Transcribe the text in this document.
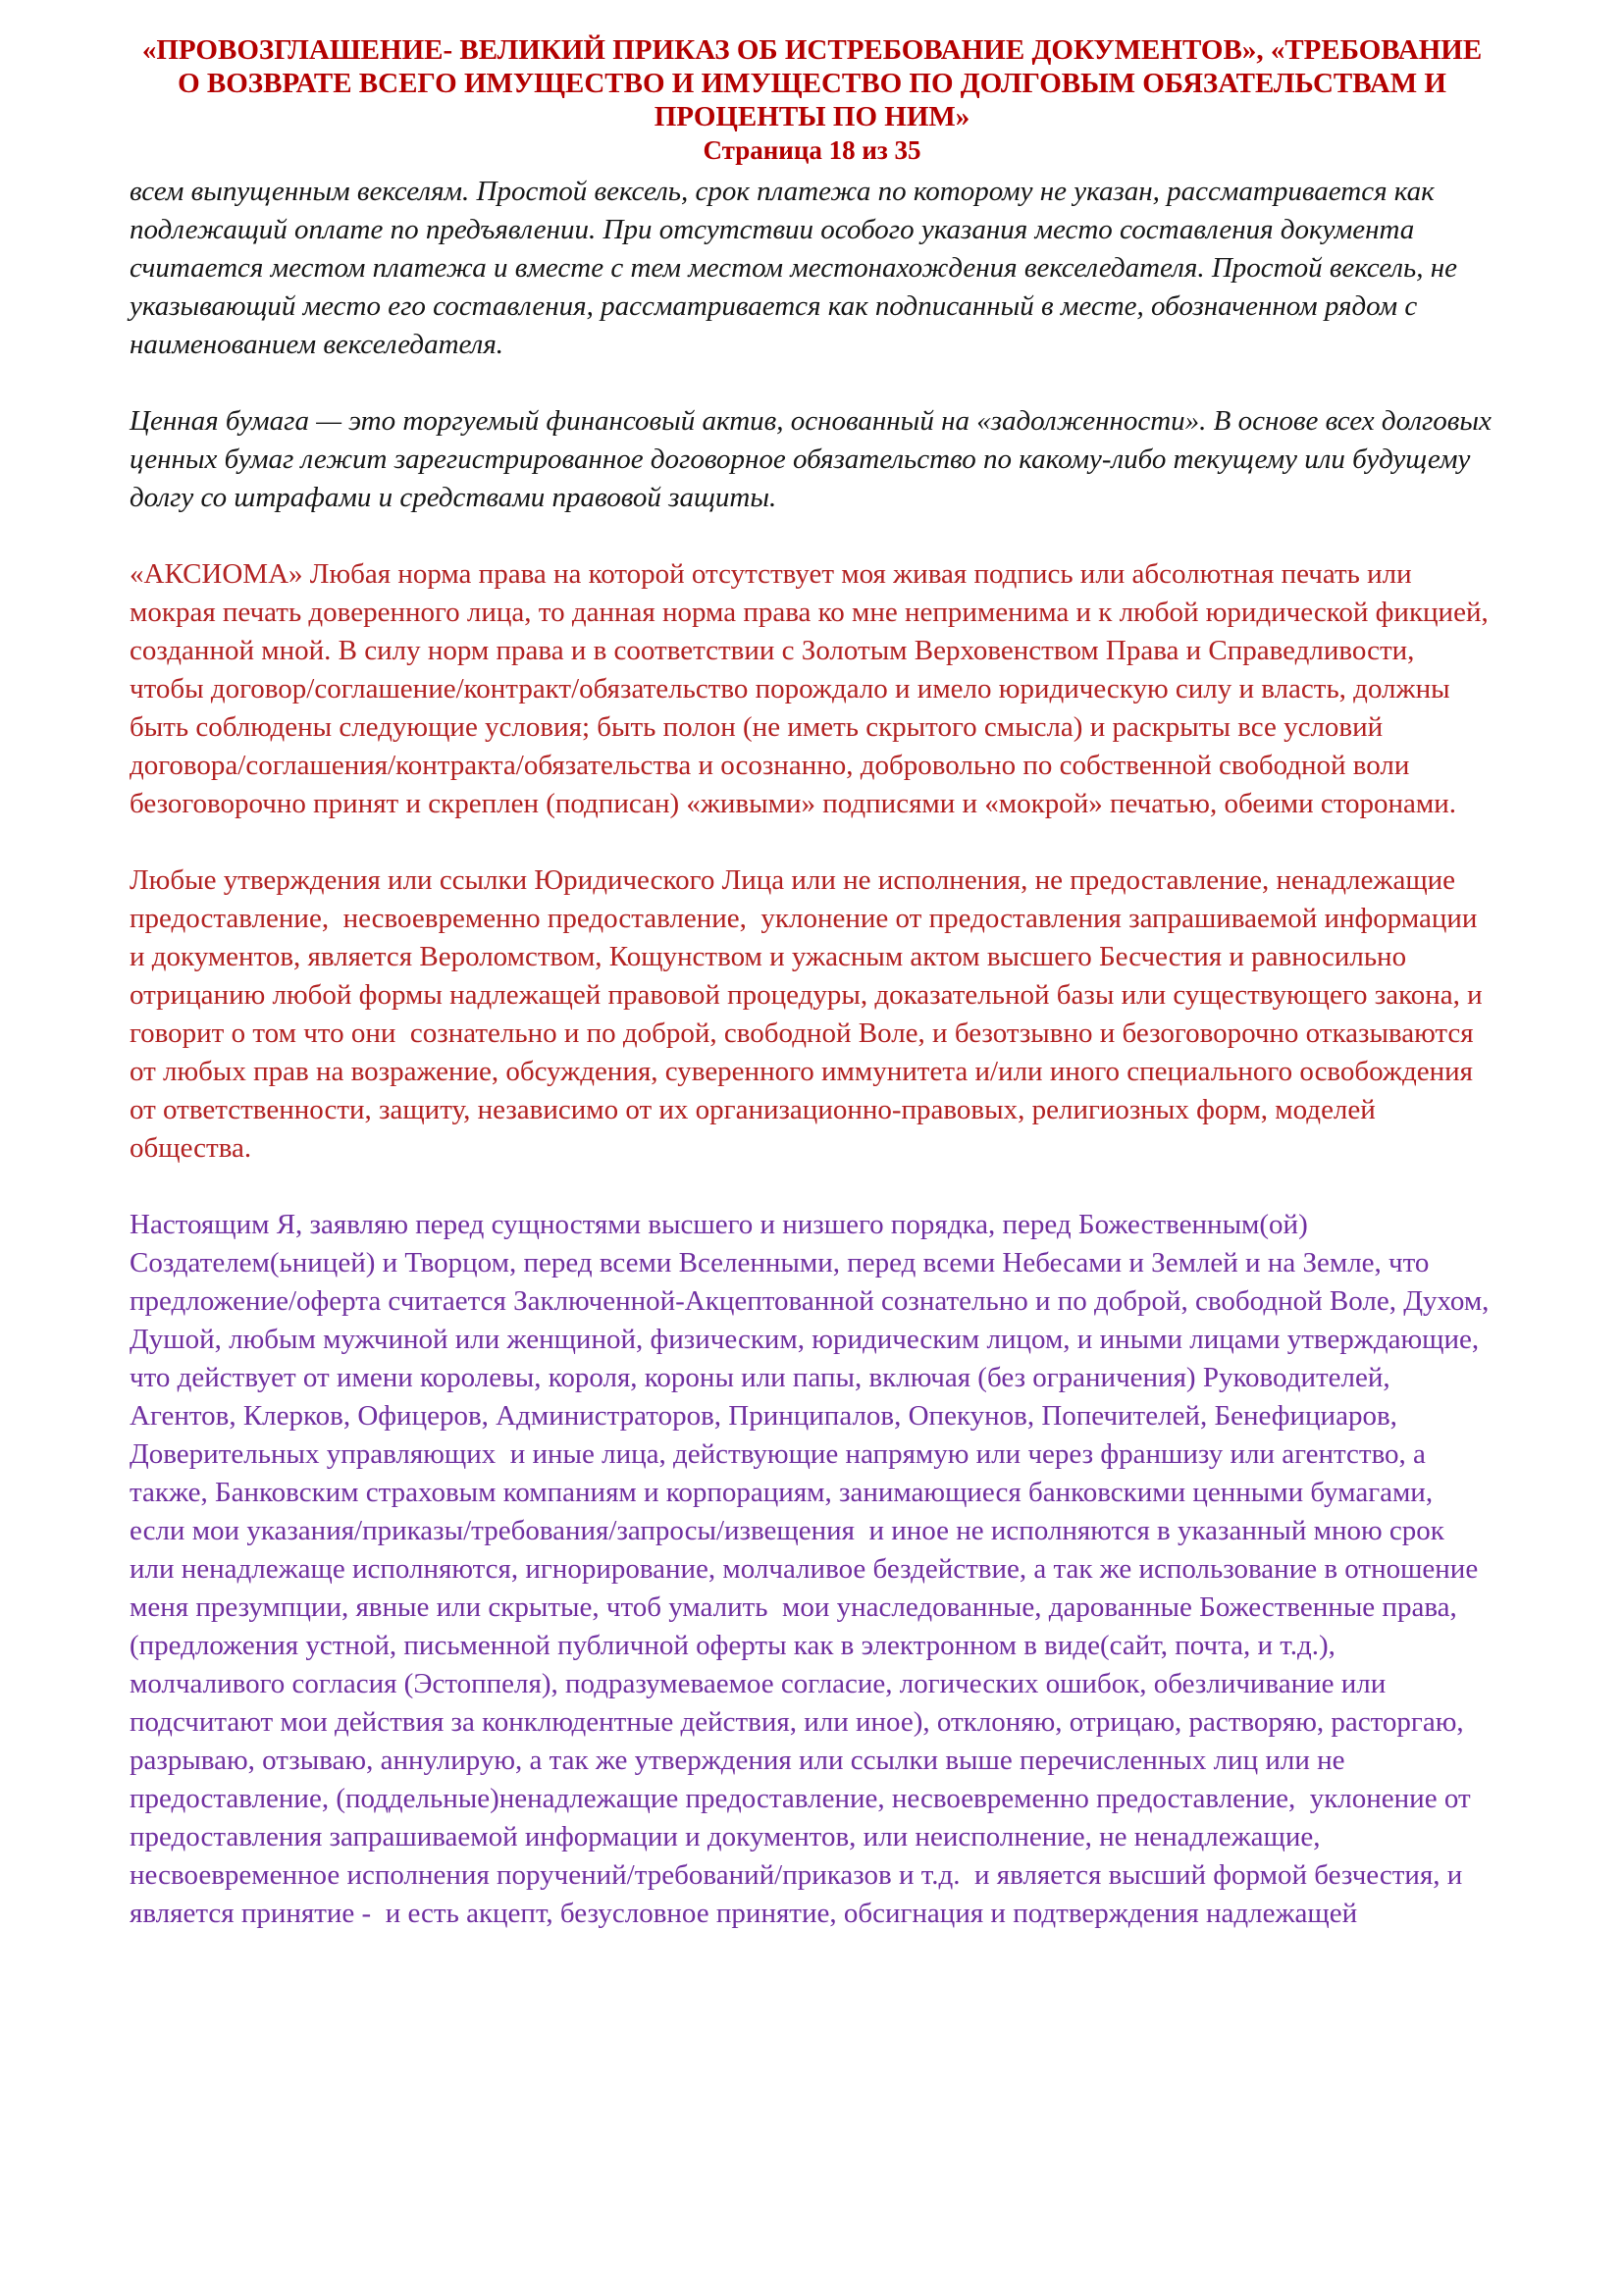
«ПРОВОЗГЛАШЕНИЕ- ВЕЛИКИЙ ПРИКАЗ ОБ ИСТРЕБОВАНИЕ ДОКУМЕНТОВ», «ТРЕБОВАНИЕ О ВОЗВРАТЕ ВСЕГО ИМУЩЕСТВО И ИМУЩЕСТВО ПО ДОЛГОВЫМ ОБЯЗАТЕЛЬСТВАМ И ПРОЦЕНТЫ ПО НИМ»
Страница 18 из 35

всем выпущенным векселям. Простой вексель, срок платежа по которому не указан, рассматривается как подлежащий оплате по предъявлении. При отсутствии особого указания место составления документа считается местом платежа и вместе с тем местом местонахождения векселедателя. Простой вексель, не указывающий место его составления, рассматривается как подписанный в месте, обозначенном рядом с наименованием векселедателя.

Ценная бумага — это торгуемый финансовый актив, основанный на «задолженности». В основе всех долговых ценных бумаг лежит зарегистрированное договорное обязательство по какому-либо текущему или будущему долгу со штрафами и средствами правовой защиты.

«АКСИОМА» Любая норма права на которой отсутствует моя живая подпись или абсолютная печать или мокрая печать доверенного лица, то данная норма права ко мне неприменима и к любой юридической фикцией, созданной мной. В силу норм права и в соответствии с Золотым Верховенством Права и Справедливости, чтобы договор/соглашение/контракт/обязательство порождало и имело юридическую силу и власть, должны быть соблюдены следующие условия; быть полон (не иметь скрытого смысла) и раскрыты все условий договора/соглашения/контракта/обязательства и осознанно, добровольно по собственной свободной воли безоговорочно принят и скреплен (подписан) «живыми» подписями и «мокрой» печатью, обеими сторонами.

Любые утверждения или ссылки Юридического Лица или не исполнения, не предоставление, ненадлежащие предоставление,  несвоевременно предоставление,  уклонение от предоставления запрашиваемой информации и документов, является Вероломством, Кощунством и ужасным актом высшего Бесчестия и равносильно отрицанию любой формы надлежащей правовой процедуры, доказательной базы или существующего закона, и говорит о том что они  сознательно и по доброй, свободной Воле, и безотзывно и безоговорочно отказываются от любых прав на возражение, обсуждения, суверенного иммунитета и/или иного специального освобождения от ответственности, защиту, независимо от их организационно-правовых, религиозных форм, моделей общества.

Настоящим Я, заявляю перед сущностями высшего и низшего порядка, перед Божественным(ой) Создателем(ьницей) и Творцом, перед всеми Вселенными, перед всеми Небесами и Землей и на Земле, что предложение/оферта считается Заключенной-Акцептованной сознательно и по доброй, свободной Воле, Духом, Душой, любым мужчиной или женщиной, физическим, юридическим лицом, и иными лицами утверждающие, что действует от имени королевы, короля, короны или папы, включая (без ограничения) Руководителей, Агентов, Клерков, Офицеров, Администраторов, Принципалов, Опекунов, Попечителей, Бенефициаров, Доверительных управляющих  и иные лица, действующие напрямую или через франшизу или агентство, а также, Банковским страховым компаниям и корпорациям, занимающиеся банковскими ценными бумагами, если мои указания/приказы/требования/запросы/извещения  и иное не исполняются в указанный мною срок или ненадлежаще исполняются, игнорирование, молчаливое бездействие, а так же использование в отношение меня презумпции, явные или скрытые, чтоб умалить  мои унаследованные, дарованные Божественные права, (предложения устной, письменной публичной оферты как в электронном в виде(сайт, почта, и т.д.), молчаливого согласия (Эстоппеля), подразумеваемое согласие, логических ошибок, обезличивание или подсчитают мои действия за конклюдентные действия, или иное), отклоняю, отрицаю, растворяю, расторгаю, разрываю, отзываю, аннулирую, а так же утверждения или ссылки выше перечисленных лиц или не предоставление, (поддельные)ненадлежащие предоставление, несвоевременно предоставление,  уклонение от предоставления запрашиваемой информации и документов, или неисполнение, не ненадлежащие, несвоевременное исполнения поручений/требований/приказов и т.д.  и является высший формой безчестия, и является принятие -  и есть акцепт, безусловное принятие, обсигнация и подтверждения надлежащей
